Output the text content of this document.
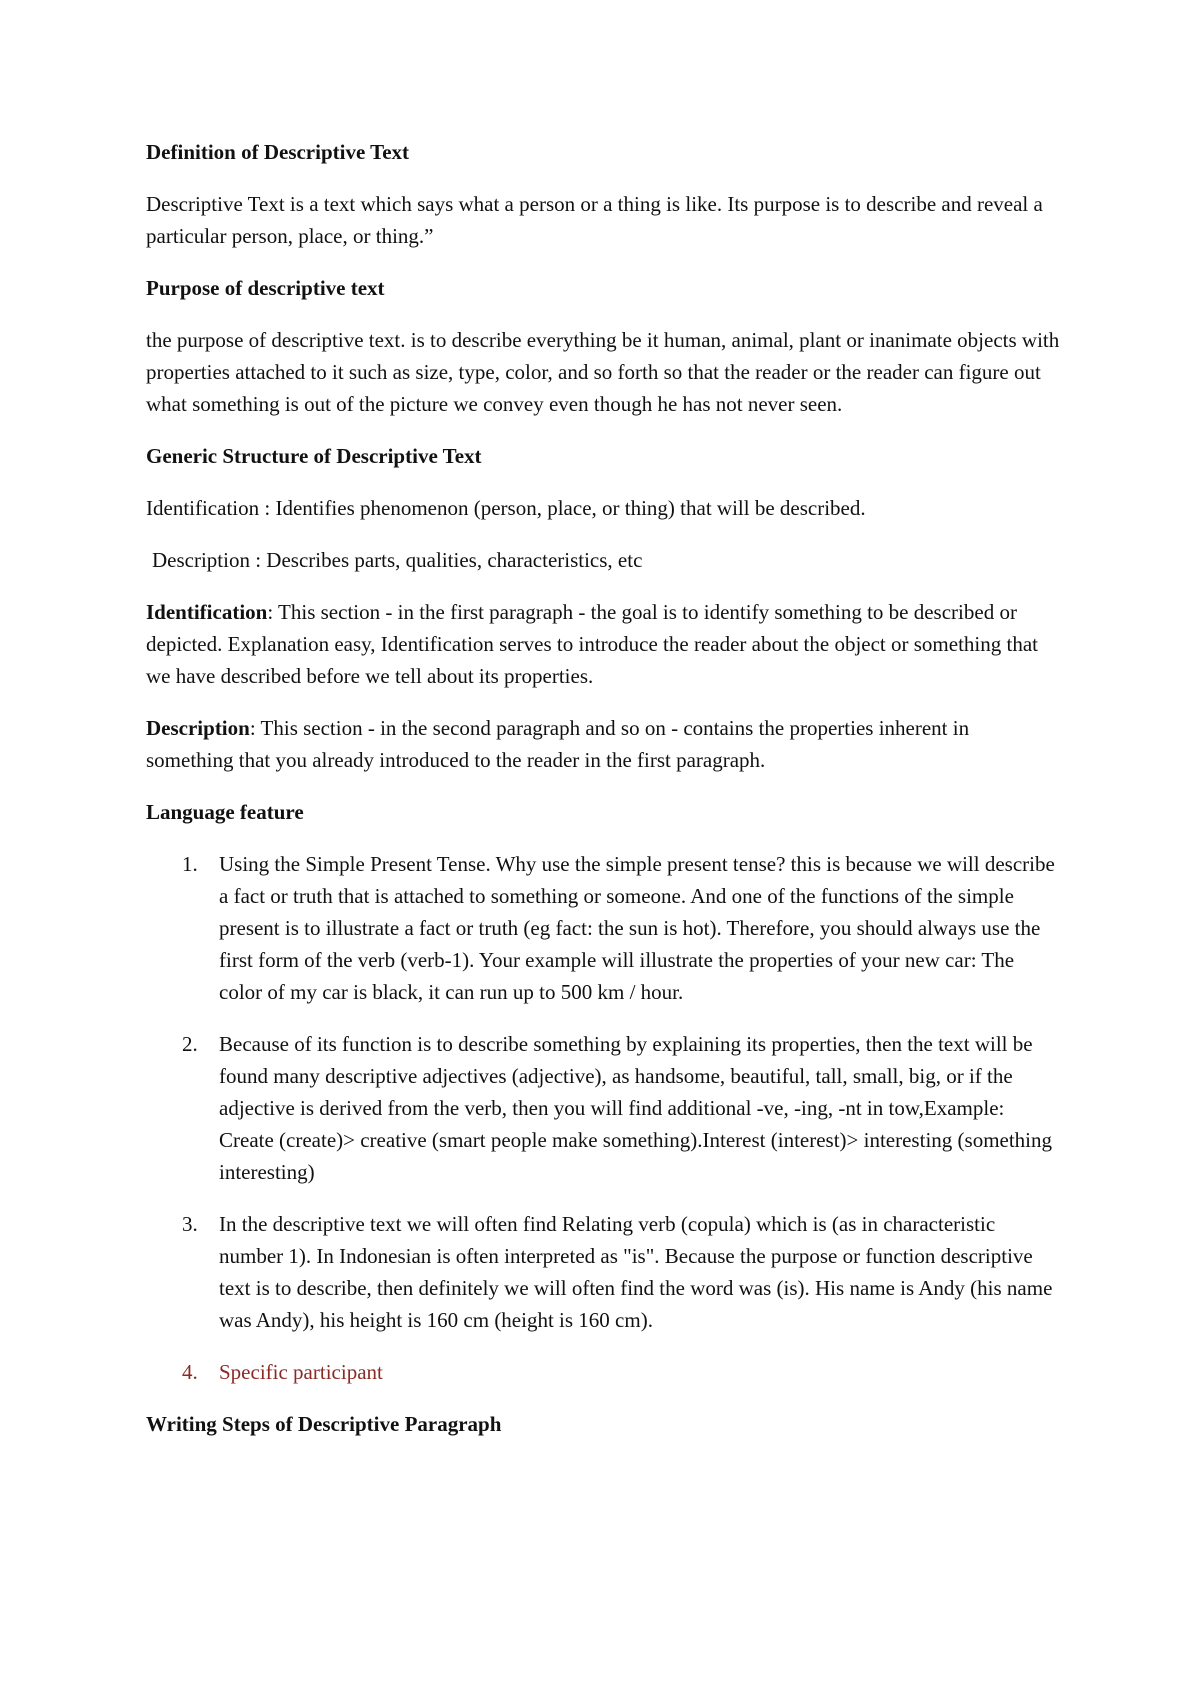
Definition of Descriptive Text

Descriptive Text is a text which says what a person or a thing is like. Its purpose is to describe and reveal a particular person, place, or thing.”

Purpose of descriptive text

the purpose of descriptive text. is to describe everything be it human, animal, plant or inanimate objects with properties attached to it such as size, type, color, and so forth so that the reader or the reader can figure out what something is out of the picture we convey even though he has not never seen.

Generic Structure of Descriptive Text

Identification : Identifies phenomenon (person, place, or thing) that will be described.

Description : Describes parts, qualities, characteristics, etc

Identification: This section - in the first paragraph - the goal is to identify something to be described or depicted. Explanation easy, Identification serves to introduce the reader about the object or something that we have described before we tell about its properties.

Description: This section - in the second paragraph and so on - contains the properties inherent in something that you already introduced to the reader in the first paragraph.

Language feature
1. Using the Simple Present Tense. Why use the simple present tense? this is because we will describe a fact or truth that is attached to something or someone. And one of the functions of the simple present is to illustrate a fact or truth (eg fact: the sun is hot). Therefore, you should always use the first form of the verb (verb-1). Your example will illustrate the properties of your new car: The color of my car is black, it can run up to 500 km / hour.
2. Because of its function is to describe something by explaining its properties, then the text will be found many descriptive adjectives (adjective), as handsome, beautiful, tall, small, big, or if the adjective is derived from the verb, then you will find additional -ve, -ing, -nt in tow,Example: Create (create)> creative (smart people make something).Interest (interest)> interesting (something interesting)
3. In the descriptive text we will often find Relating verb (copula) which is (as in characteristic number 1). In Indonesian is often interpreted as "is". Because the purpose or function descriptive text is to describe, then definitely we will often find the word was (is). His name is Andy (his name was Andy), his height is 160 cm (height is 160 cm).
4. Specific participant
Writing Steps of Descriptive Paragraph
